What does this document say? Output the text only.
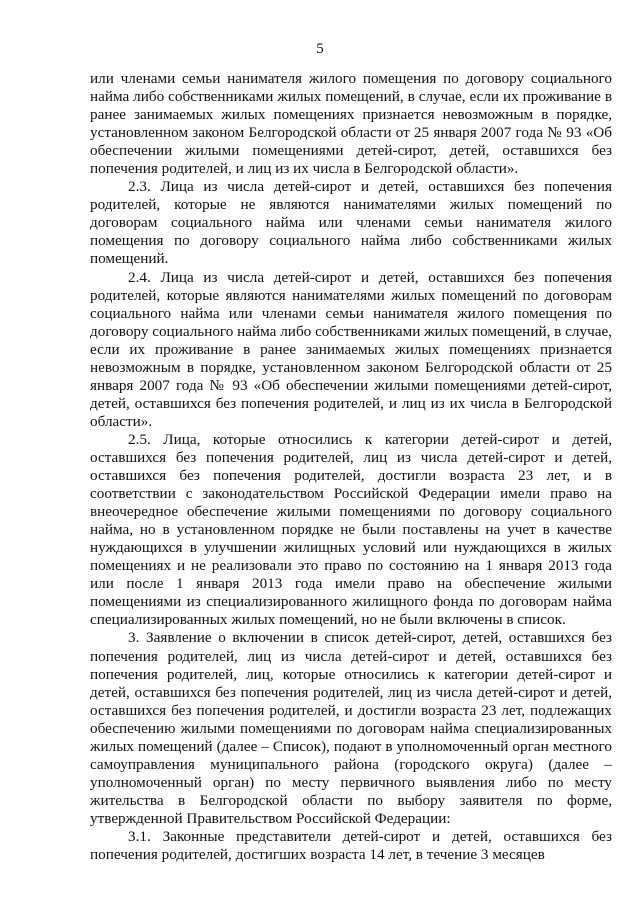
5

или членами семьи нанимателя жилого помещения по договору социального найма либо собственниками жилых помещений, в случае, если их проживание в ранее занимаемых жилых помещениях признается невозможным в порядке, установленном законом Белгородской области от 25 января 2007 года № 93 «Об обеспечении жилыми помещениями детей-сирот, детей, оставшихся без попечения родителей, и лиц из их числа в Белгородской области».

2.3. Лица из числа детей-сирот и детей, оставшихся без попечения родителей, которые не являются нанимателями жилых помещений по договорам социального найма или членами семьи нанимателя жилого помещения по договору социального найма либо собственниками жилых помещений.

2.4. Лица из числа детей-сирот и детей, оставшихся без попечения родителей, которые являются нанимателями жилых помещений по договорам социального найма или членами семьи нанимателя жилого помещения по договору социального найма либо собственниками жилых помещений, в случае, если их проживание в ранее занимаемых жилых помещениях признается невозможным в порядке, установленном законом Белгородской области от 25 января 2007 года № 93 «Об обеспечении жилыми помещениями детей-сирот, детей, оставшихся без попечения родителей, и лиц из их числа в Белгородской области».

2.5. Лица, которые относились к категории детей-сирот и детей, оставшихся без попечения родителей, лиц из числа детей-сирот и детей, оставшихся без попечения родителей, достигли возраста 23 лет, и в соответствии с законодательством Российской Федерации имели право на внеочередное обеспечение жилыми помещениями по договору социального найма, но в установленном порядке не были поставлены на учет в качестве нуждающихся в улучшении жилищных условий или нуждающихся в жилых помещениях и не реализовали это право по состоянию на 1 января 2013 года или после 1 января 2013 года имели право на обеспечение жилыми помещениями из специализированного жилищного фонда по договорам найма специализированных жилых помещений, но не были включены в список.

3. Заявление о включении в список детей-сирот, детей, оставшихся без попечения родителей, лиц из числа детей-сирот и детей, оставшихся без попечения родителей, лиц, которые относились к категории детей-сирот и детей, оставшихся без попечения родителей, лиц из числа детей-сирот и детей, оставшихся без попечения родителей, и достигли возраста 23 лет, подлежащих обеспечению жилыми помещениями по договорам найма специализированных жилых помещений (далее – Список), подают в уполномоченный орган местного самоуправления муниципального района (городского округа) (далее – уполномоченный орган) по месту первичного выявления либо по месту жительства в Белгородской области по выбору заявителя по форме, утвержденной Правительством Российской Федерации:

3.1. Законные представители детей-сирот и детей, оставшихся без попечения родителей, достигших возраста 14 лет, в течение 3 месяцев
